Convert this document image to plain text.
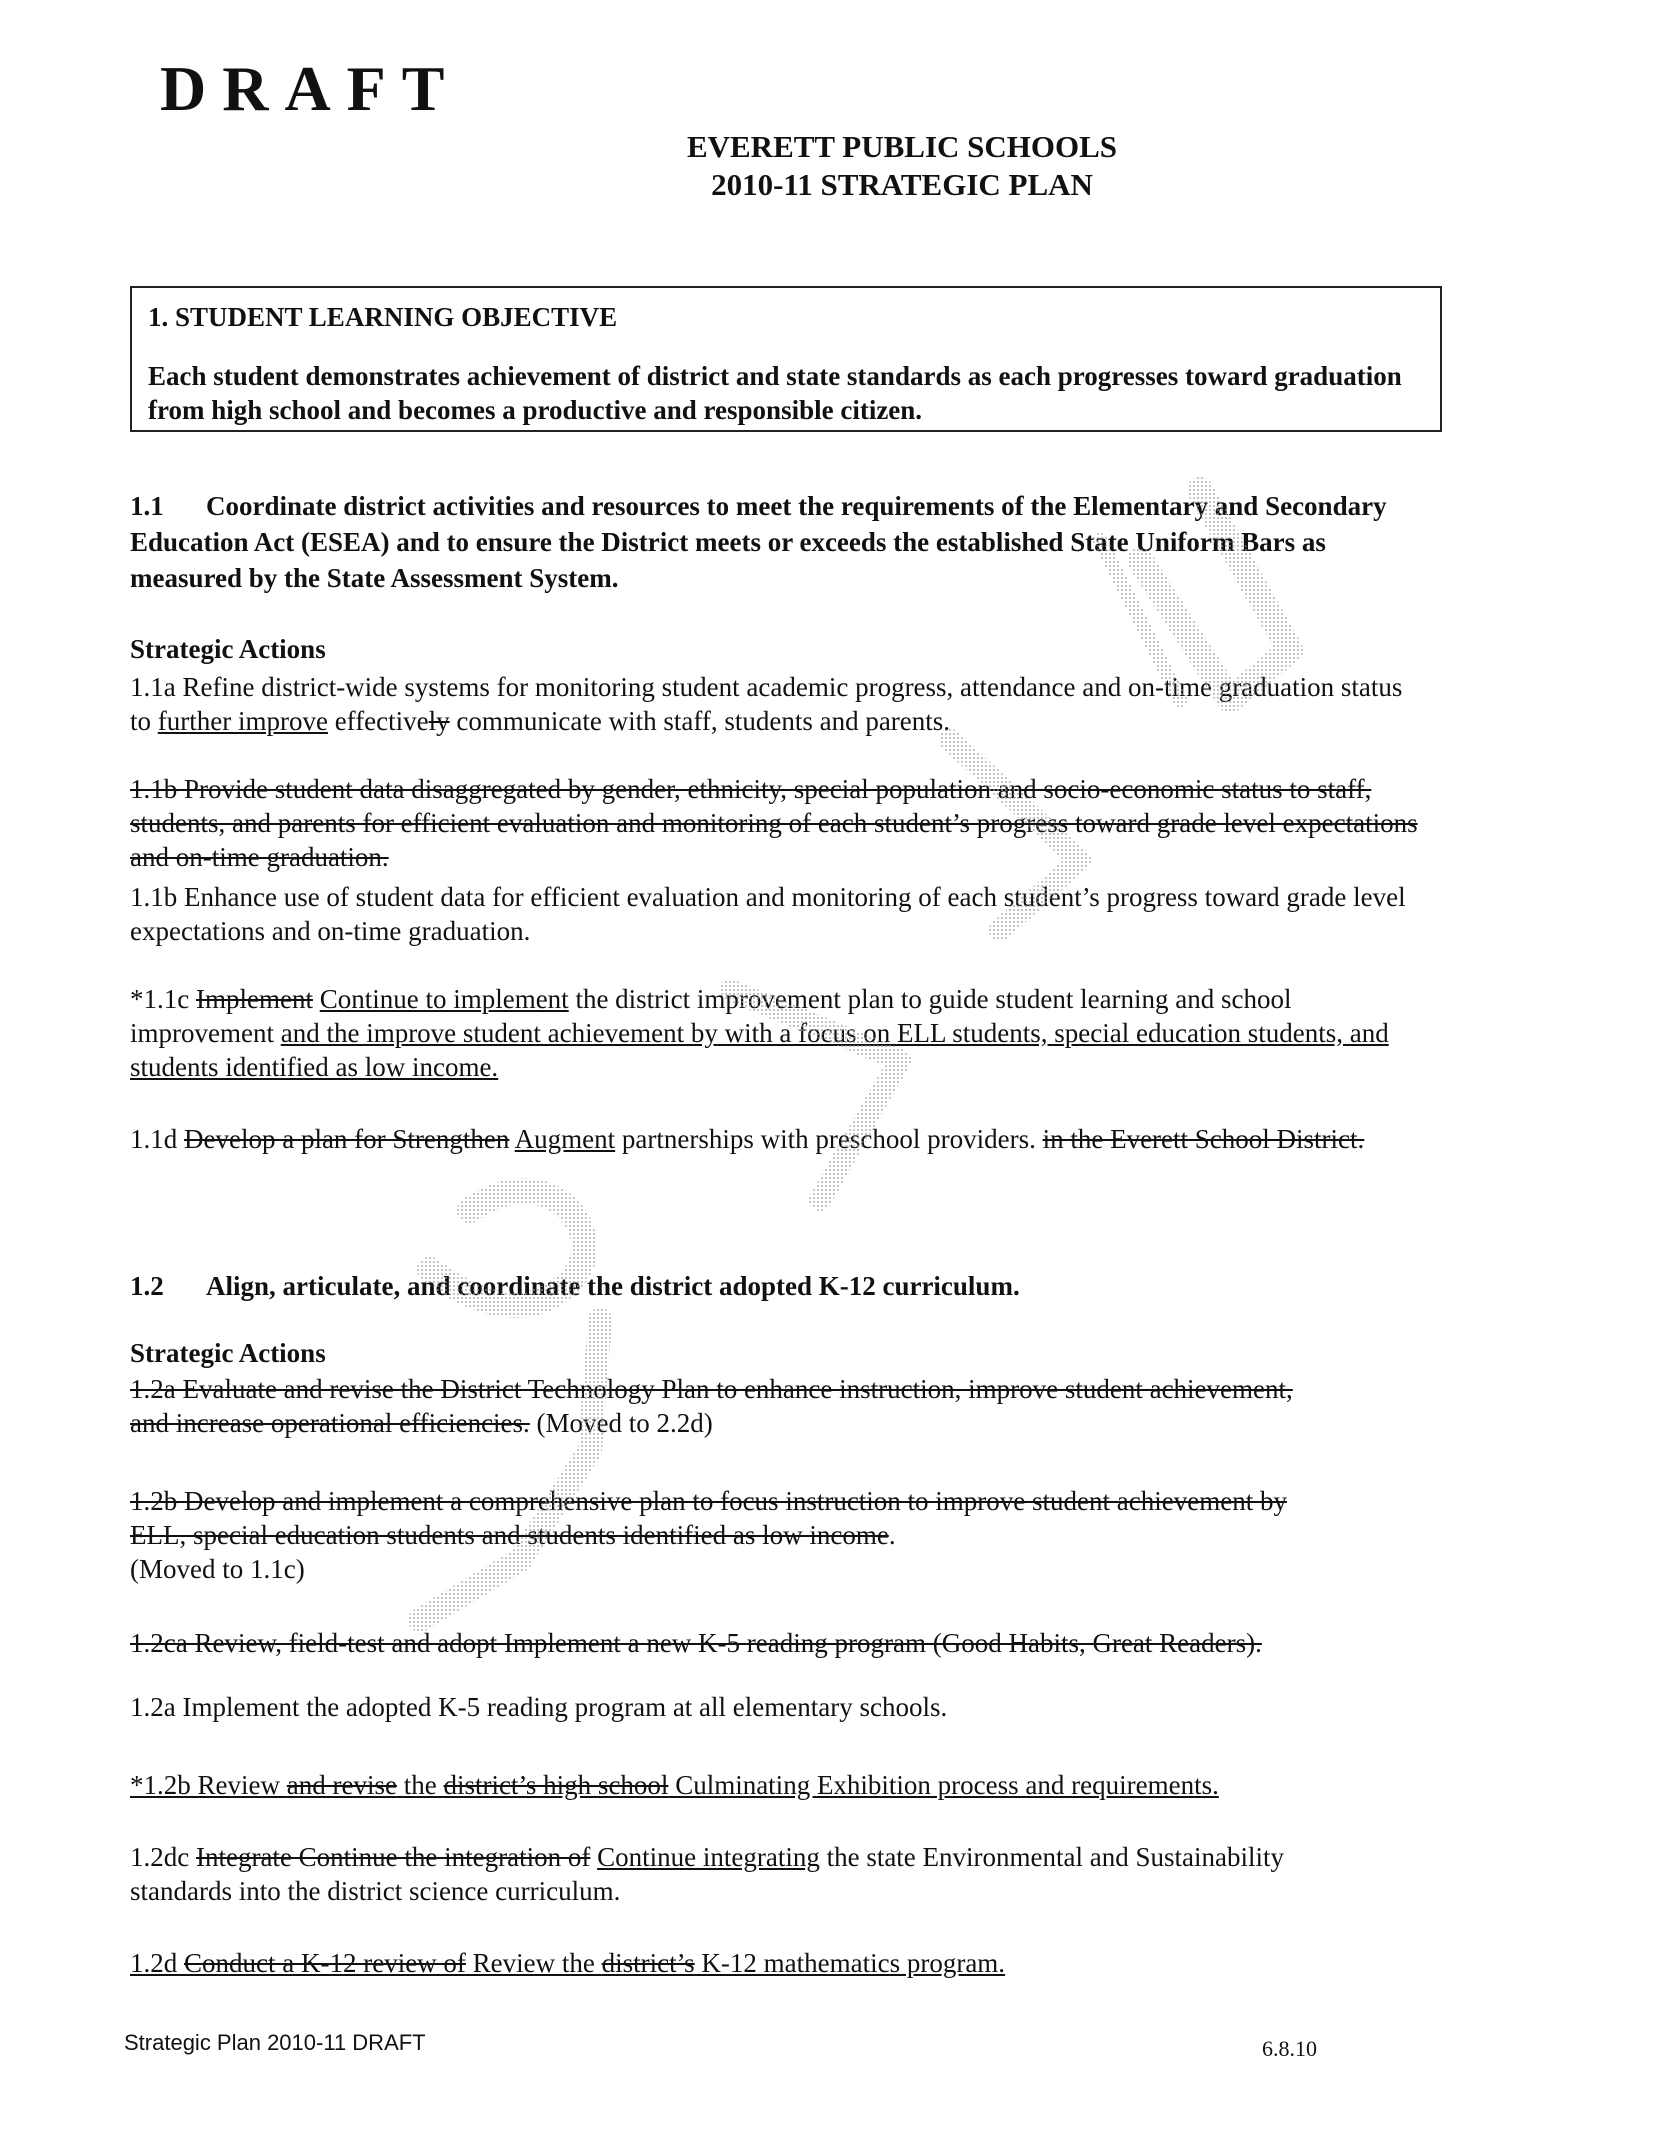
DRAFT
EVERETT PUBLIC SCHOOLS
2010-11 STRATEGIC PLAN
1. STUDENT LEARNING OBJECTIVE
Each student demonstrates achievement of district and state standards as each progresses toward graduation from high school and becomes a productive and responsible citizen.
1.1 Coordinate district activities and resources to meet the requirements of the Elementary and Secondary Education Act (ESEA) and to ensure the District meets or exceeds the established State Uniform Bars as measured by the State Assessment System.
Strategic Actions
1.1a Refine district-wide systems for monitoring student academic progress, attendance and on-time graduation status to further improve effectively communicate with staff, students and parents.
1.1b Provide student data disaggregated by gender, ethnicity, special population and socio-economic status to staff, students, and parents for efficient evaluation and monitoring of each student’s progress toward grade level expectations and on-time graduation.
1.1b Enhance use of student data for efficient evaluation and monitoring of each student’s progress toward grade level expectations and on-time graduation.
*1.1c Implement Continue to implement the district improvement plan to guide student learning and school improvement and the improve student achievement by with a focus on ELL students, special education students, and students identified as low income.
1.1d Develop a plan for Strengthen Augment partnerships with preschool providers. in the Everett School District.
1.2 Align, articulate, and coordinate the district adopted K-12 curriculum.
Strategic Actions
1.2a Evaluate and revise the District Technology Plan to enhance instruction, improve student achievement, and increase operational efficiencies. (Moved to 2.2d)
1.2b Develop and implement a comprehensive plan to focus instruction to improve student achievement by ELL, special education students and students identified as low income.
(Moved to 1.1c)
1.2ca Review, field-test and adopt Implement a new K-5 reading program (Good Habits, Great Readers).
1.2a Implement the adopted K-5 reading program at all elementary schools.
*1.2b Review and revise the district’s high school Culminating Exhibition process and requirements.
1.2dc Integrate Continue the integration of Continue integrating the state Environmental and Sustainability standards into the district science curriculum.
1.2d Conduct a K-12 review of Review the district’s K-12 mathematics program.
Strategic Plan 2010-11 DRAFT	6.8.10
